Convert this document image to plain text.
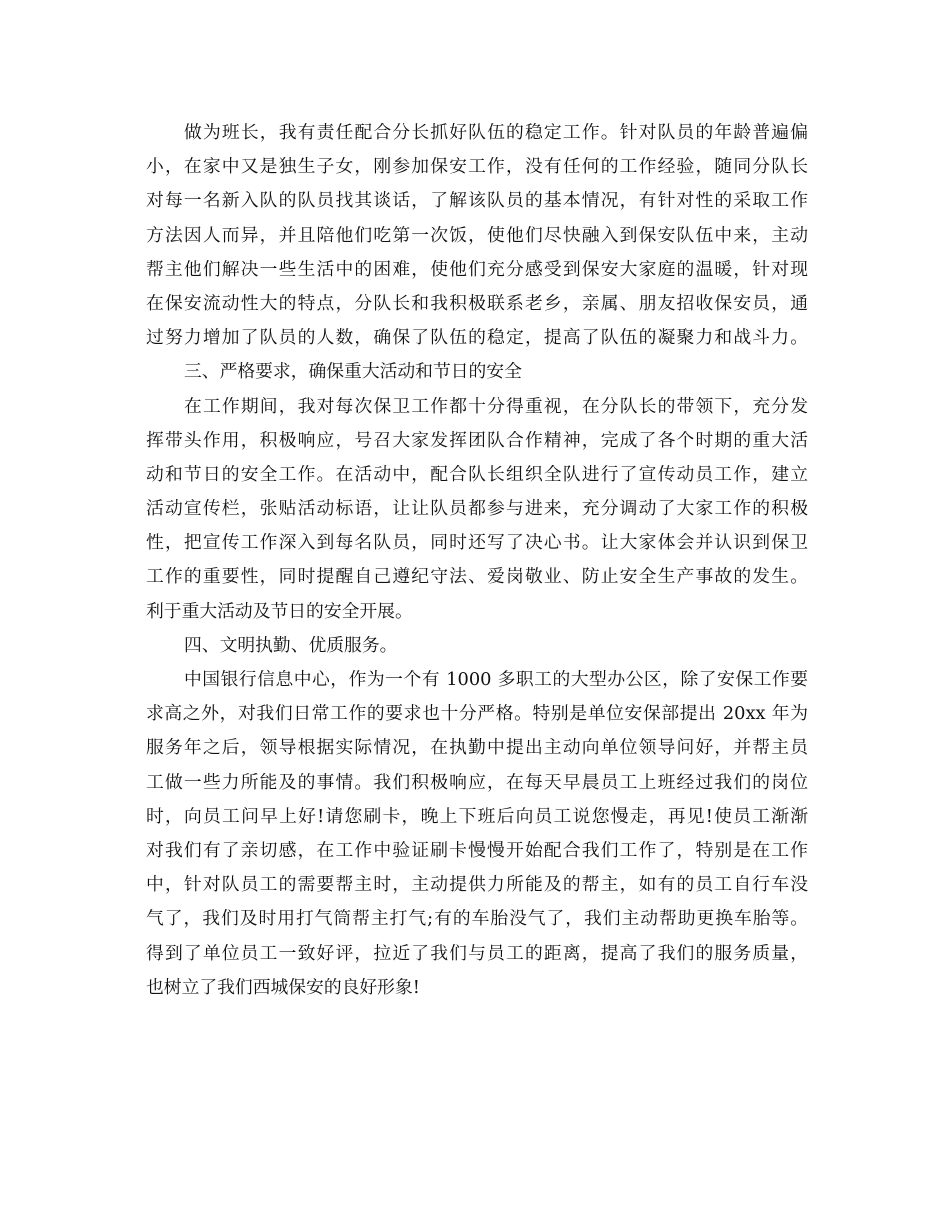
做为班长，我有责任配合分长抓好队伍的稳定工作。针对队员的年龄普遍偏
小，在家中又是独生子女，刚参加保安工作，没有任何的工作经验，随同分队长
对每一名新入队的队员找其谈话，了解该队员的基本情况，有针对性的采取工作
方法因人而异，并且陪他们吃第一次饭，使他们尽快融入到保安队伍中来，主动
帮主他们解决一些生活中的困难，使他们充分感受到保安大家庭的温暖，针对现
在保安流动性大的特点，分队长和我积极联系老乡，亲属、朋友招收保安员，通
过努力增加了队员的人数，确保了队伍的稳定，提高了队伍的凝聚力和战斗力。
三、严格要求，确保重大活动和节日的安全
在工作期间，我对每次保卫工作都十分得重视，在分队长的带领下，充分发
挥带头作用，积极响应，号召大家发挥团队合作精神，完成了各个时期的重大活
动和节日的安全工作。在活动中，配合队长组织全队进行了宣传动员工作，建立
活动宣传栏，张贴活动标语，让让队员都参与进来，充分调动了大家工作的积极
性，把宣传工作深入到每名队员，同时还写了决心书。让大家体会并认识到保卫
工作的重要性，同时提醒自己遵纪守法、爱岗敬业、防止安全生产事故的发生。
利于重大活动及节日的安全开展。
四、文明执勤、优质服务。
中国银行信息中心，作为一个有 1000 多职工的大型办公区，除了安保工作要
求高之外，对我们日常工作的要求也十分严格。特别是单位安保部提出 20xx 年为
服务年之后，领导根据实际情况，在执勤中提出主动向单位领导问好，并帮主员
工做一些力所能及的事情。我们积极响应，在每天早晨员工上班经过我们的岗位
时，向员工问早上好!请您刷卡，晚上下班后向员工说您慢走，再见!使员工渐渐
对我们有了亲切感，在工作中验证刷卡慢慢开始配合我们工作了，特别是在工作
中，针对队员工的需要帮主时，主动提供力所能及的帮主，如有的员工自行车没
气了，我们及时用打气筒帮主打气;有的车胎没气了，我们主动帮助更换车胎等。
得到了单位员工一致好评，拉近了我们与员工的距离，提高了我们的服务质量，
也树立了我们西城保安的良好形象!
